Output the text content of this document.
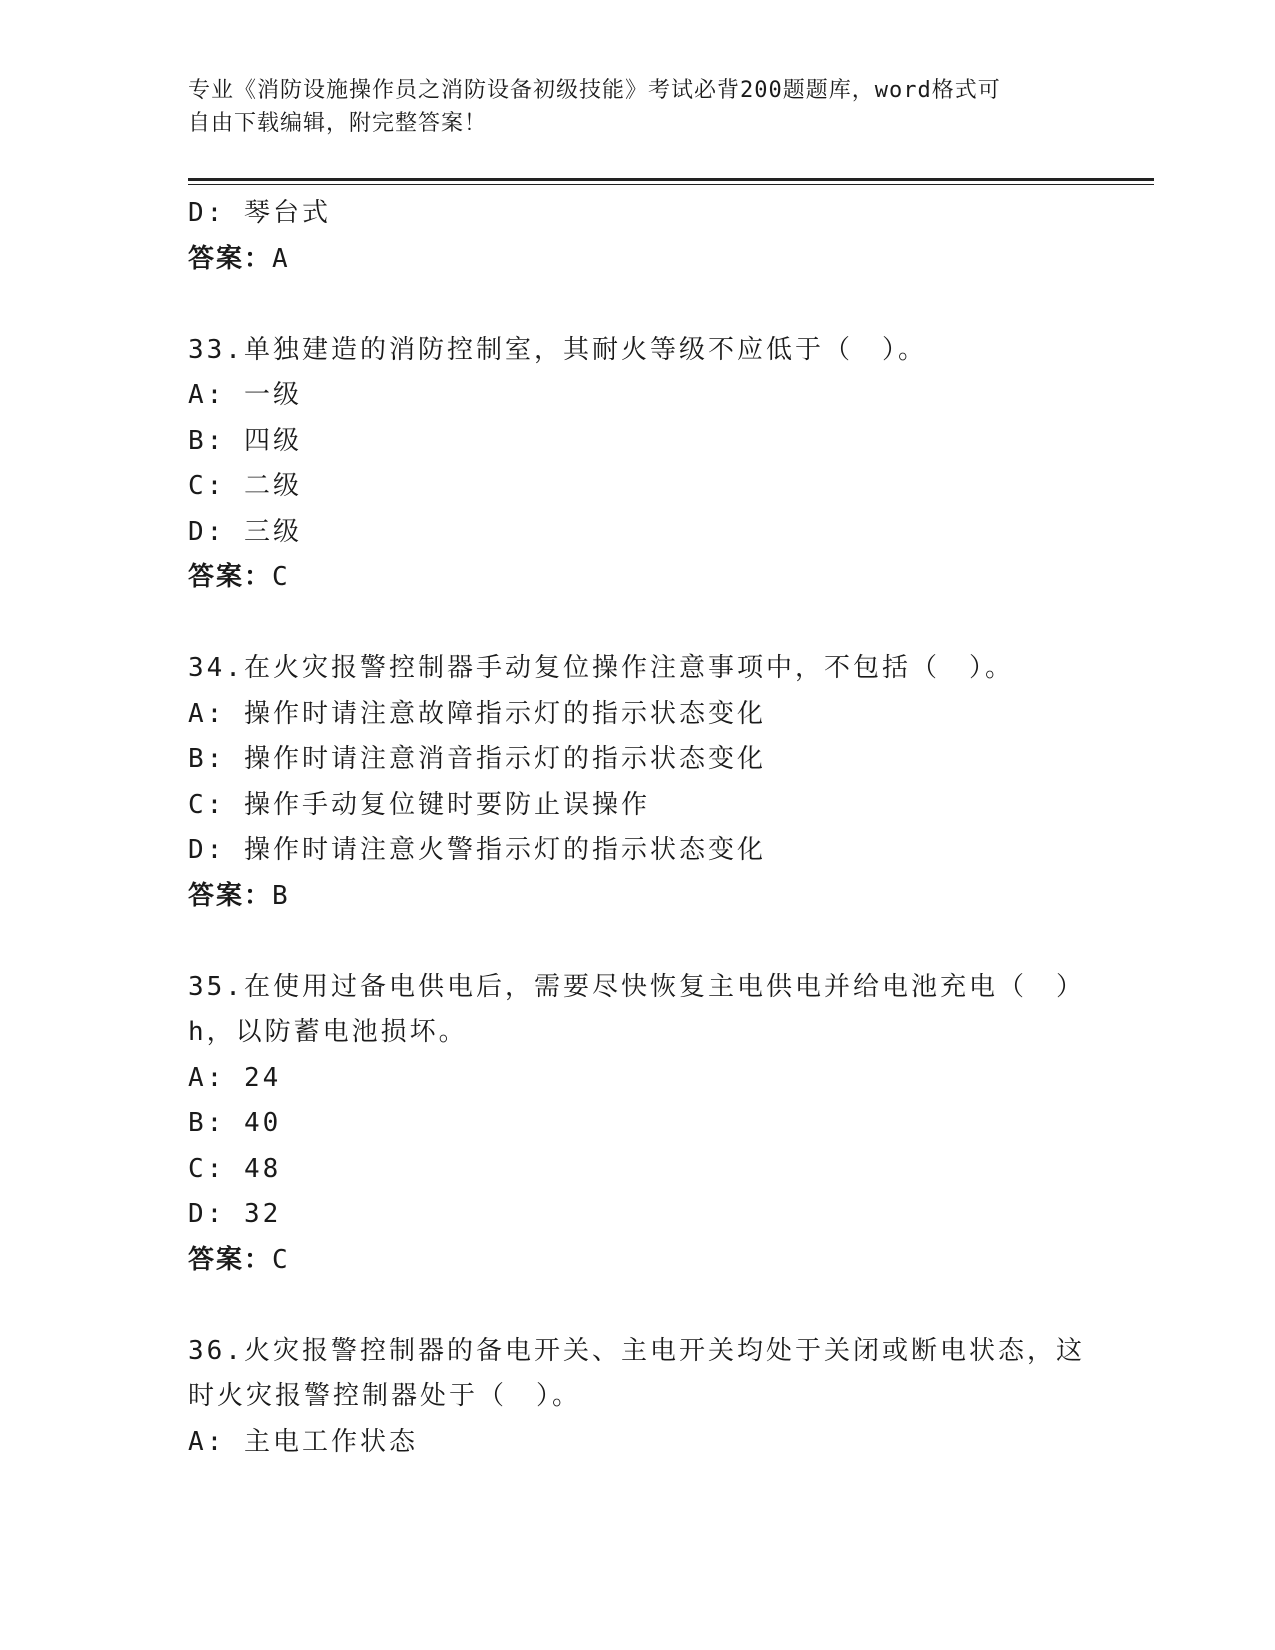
专业《消防设施操作员之消防设备初级技能》考试必背200题题库，word格式可
自由下载编辑，附完整答案！
D: 琴台式
答案：A
33.单独建造的消防控制室，其耐火等级不应低于（　）。
A: 一级
B: 四级
C: 二级
D: 三级
答案：C
34.在火灾报警控制器手动复位操作注意事项中，不包括（　）。
A: 操作时请注意故障指示灯的指示状态变化
B: 操作时请注意消音指示灯的指示状态变化
C: 操作手动复位键时要防止误操作
D: 操作时请注意火警指示灯的指示状态变化
答案：B
35.在使用过备电供电后，需要尽快恢复主电供电并给电池充电（　）
h，以防蓄电池损坏。
A: 24
B: 40
C: 48
D: 32
答案：C
36.火灾报警控制器的备电开关、主电开关均处于关闭或断电状态，这
时火灾报警控制器处于（　）。
A: 主电工作状态
